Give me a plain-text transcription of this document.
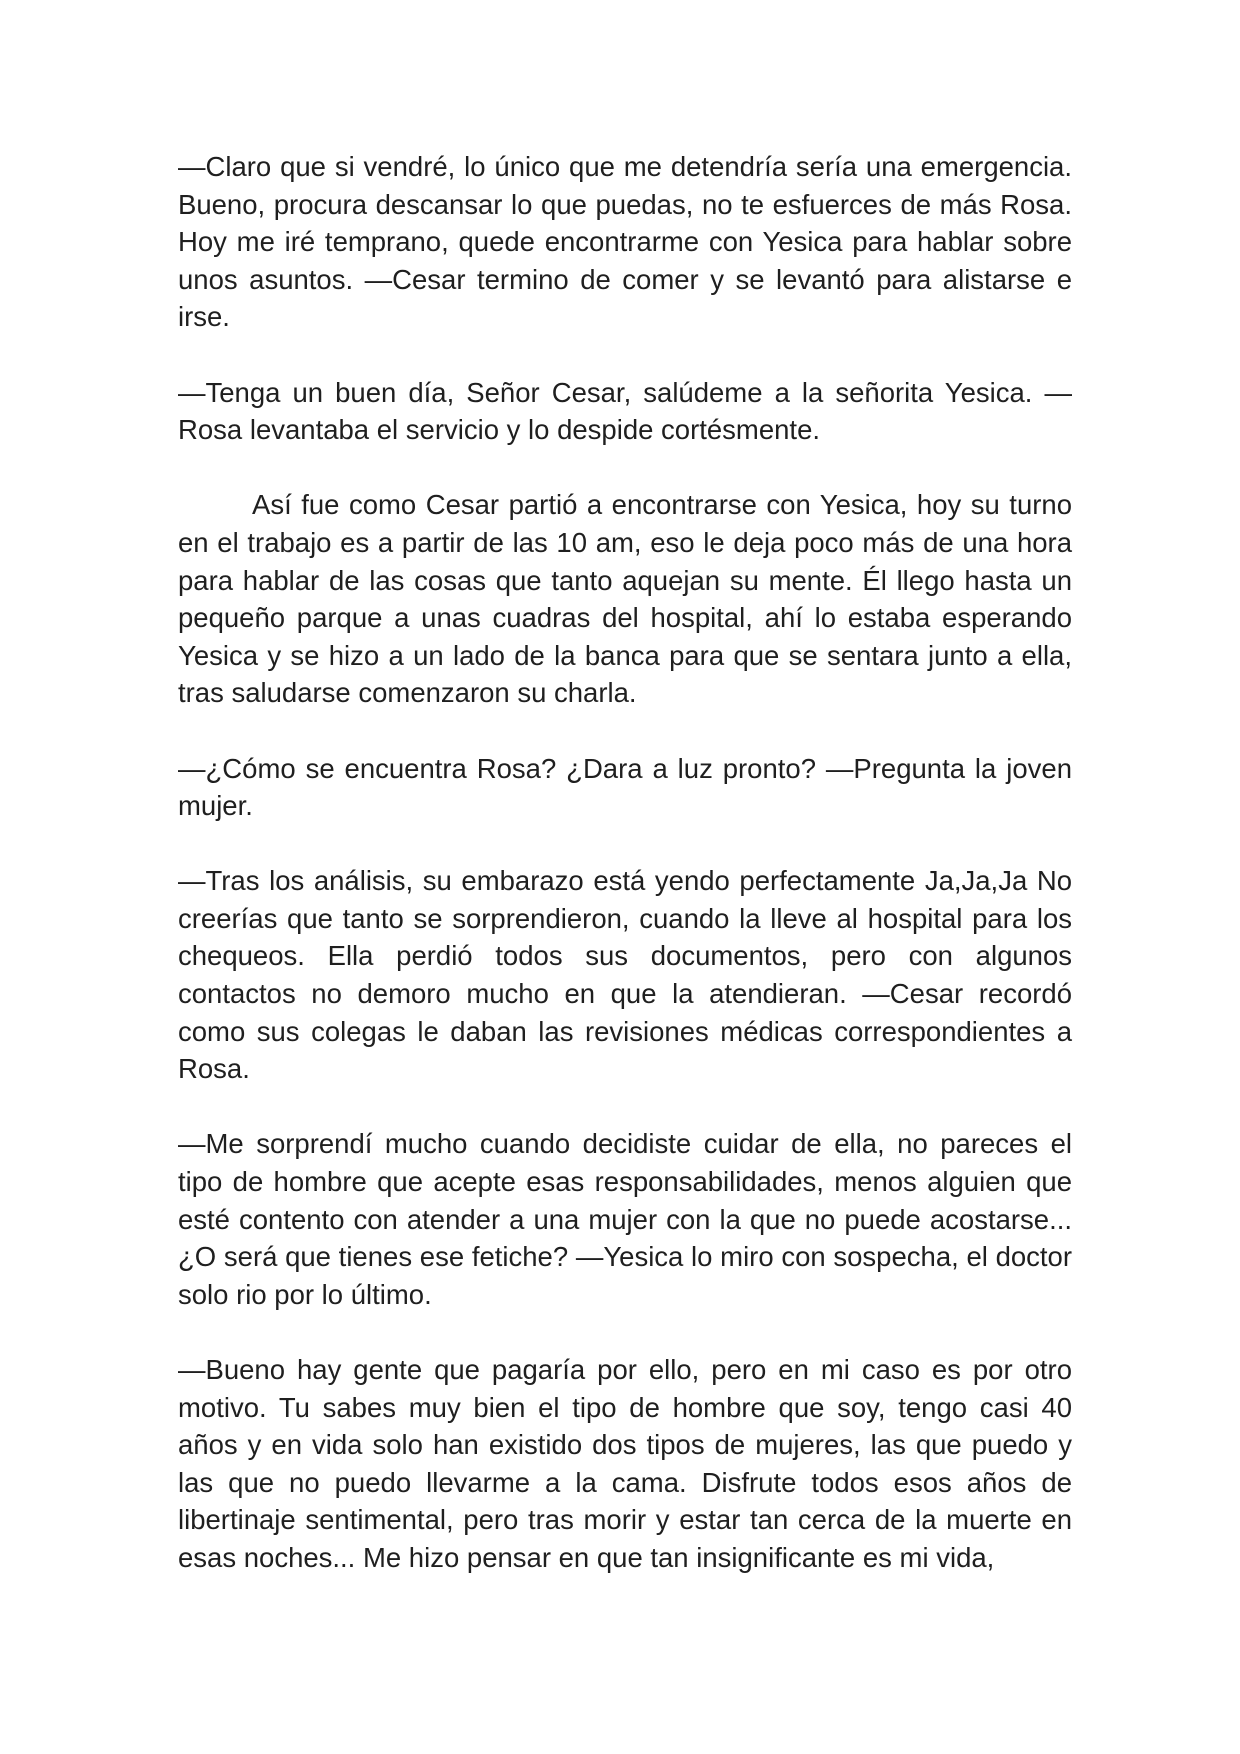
—Claro que si vendré, lo único que me detendría sería una emergencia. Bueno, procura descansar lo que puedas, no te esfuerces de más Rosa. Hoy me iré temprano, quede encontrarme con Yesica para hablar sobre unos asuntos. —Cesar termino de comer y se levantó para alistarse e irse.

—Tenga un buen día, Señor Cesar, salúdeme a la señorita Yesica. —Rosa levantaba el servicio y lo despide cortésmente.

Así fue como Cesar partió a encontrarse con Yesica, hoy su turno en el trabajo es a partir de las 10 am, eso le deja poco más de una hora para hablar de las cosas que tanto aquejan su mente. Él llego hasta un pequeño parque a unas cuadras del hospital, ahí lo estaba esperando Yesica y se hizo a un lado de la banca para que se sentara junto a ella, tras saludarse comenzaron su charla.

—¿Cómo se encuentra Rosa? ¿Dara a luz pronto? —Pregunta la joven mujer.

—Tras los análisis, su embarazo está yendo perfectamente Ja,Ja,Ja No creerías que tanto se sorprendieron, cuando la lleve al hospital para los chequeos. Ella perdió todos sus documentos, pero con algunos contactos no demoro mucho en que la atendieran. —Cesar recordó como sus colegas le daban las revisiones médicas correspondientes a Rosa.

—Me sorprendí mucho cuando decidiste cuidar de ella, no pareces el tipo de hombre que acepte esas responsabilidades, menos alguien que esté contento con atender a una mujer con la que no puede acostarse... ¿O será que tienes ese fetiche? —Yesica lo miro con sospecha, el doctor solo rio por lo último.

—Bueno hay gente que pagaría por ello, pero en mi caso es por otro motivo. Tu sabes muy bien el tipo de hombre que soy, tengo casi 40 años y en vida solo han existido dos tipos de mujeres, las que puedo y las que no puedo llevarme a la cama. Disfrute todos esos años de libertinaje sentimental, pero tras morir y estar tan cerca de la muerte en esas noches... Me hizo pensar en que tan insignificante es mi vida,
